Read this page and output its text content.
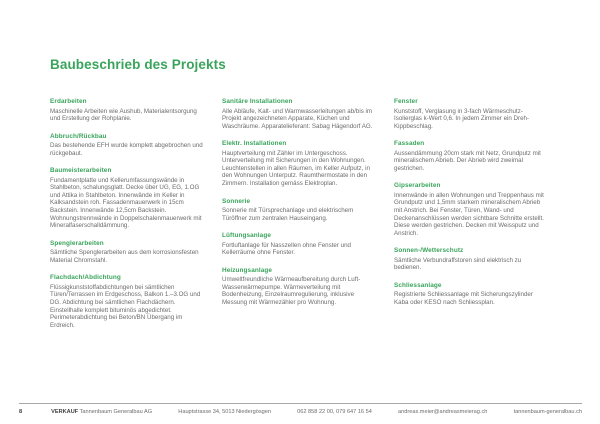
Baubeschrieb des Projekts
Erdarbeiten

Maschinelle Arbeiten wie Aushub, Materialentsorgung und Erstellung der Rohplanie.

Abbruch/Rückbau

Das bestehende EFH wurde komplett abgebrochen und rückgebaut.

Baumeisterarbeiten

Fundamentplatte und Kellerumfassungswände in Stahlbeton, schalungsglatt. Decke über UG, EG, 1.OG und Attika in Stahlbeton. Innenwände im Keller in Kalksandstein roh. Fassadenmauerwerk in 15cm Backstein. Innenwände 12,5cm Backstein. Wohnungstrennwände in Doppelschalenmauerwerk mit Mineralfaserschalldämmung.

Spenglerarbeiten

Sämtliche Spenglerarbeiten aus dem korrosionsfesten Material Chromstahl.

Flachdach/Abdichtung

Flüssigkunststoffabdichtungen bei sämtlichen Türen/Terrassen im Erdgeschoss, Balkon 1.–3.OG und DG. Abdichtung bei sämtlichen Flachdächern. Einstellhalle komplett bituminös abgedichtet. Perimeterabdichtung bei Beton/BN Übergang im Erdreich.

Sanitäre Installationen

Alle Abläufe, Kalt- und Warmwasserleitungen ab/bis im Projekt angezeichneten Apparate, Küchen und Waschräume. Apparatelieferant: Sabag Hägendorf AG.

Elektr. Installationen

Hauptverteilung mit Zähler im Untergeschoss. Unterverteilung mit Sicherungen in den Wohnungen. Leuchtenstellen in allen Räumen, im Keller Aufputz, in den Wohnungen Unterputz. Raumthermostate in den Zimmern. Installation gemäss Elektroplan.

Sonnerie

Sonnerie mit Türsprechanlage und elektrischem Türöffner zum zentralen Hauseingang.

Lüftungsanlage

Fortluftanlage für Nasszellen ohne Fenster und Kellerräume ohne Fenster.

Heizungsanlage

Umweltfreundliche Wärmeaufbereitung durch Luft-Wasserwärmepumpe. Wärmeverteilung mit Bodenheizung, Einzelraumregulierung, inklusive Messung mit Wärmezähler pro Wohnung.

Fenster

Kunststoff, Verglasung in 3-fach Wärmeschutz-Isolierglas k-Wert 0,6. In jedem Zimmer ein Dreh-Kippbeschlag.

Fassaden

Aussendämmung 20cm stark mit Netz, Grundputz mit mineralischem Abrieb. Der Abrieb wird zweimal gestrichen.

Gipserarbeiten

Innenwände in allen Wohnungen und Treppenhaus mit Grundputz und 1,5mm starkem mineralischem Abrieb mit Anstrich. Bei Fenster, Türen, Wand- und Deckenanschlüssen werden sichtbare Schnitte erstellt. Diese werden gestrichen. Decken mit Weissputz und Anstrich.

Sonnen-/Wetterschutz

Sämtliche Verbundraffstoren sind elektrisch zu bedienen.

Schliessanlage

Registrierte Schliessanlage mit Sicherungszylinder Kaba oder KESO nach Schliessplan.

8	VERKAUF Tannenbaum Generalbau AG	Hauptstrasse 34, 5013 Niedergösgen	062 858 22 00, 079 647 16 54	andreas.meier@andreasmeierag.ch	tannenbaum-generalbau.ch
